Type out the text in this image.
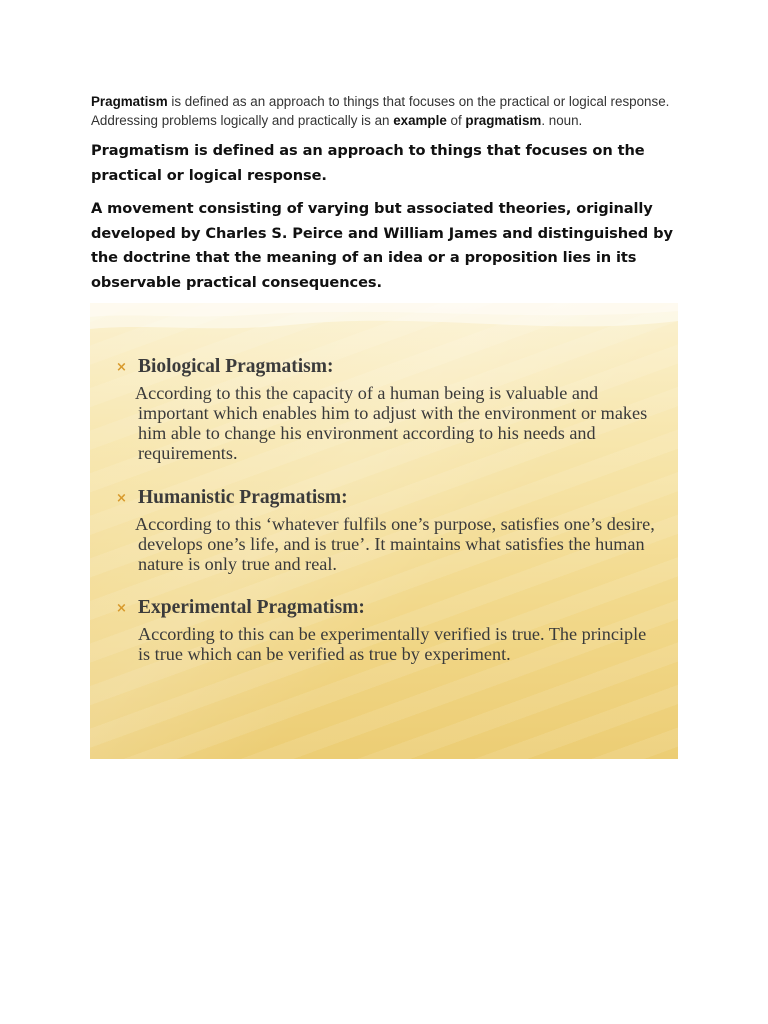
Pragmatism is defined as an approach to things that focuses on the practical or logical response. Addressing problems logically and practically is an example of pragmatism. noun.

Pragmatism is defined as an approach to things that focuses on the practical or logical response.

A movement consisting of varying but associated theories, originally developed by Charles S. Peirce and William James and distinguished by the doctrine that the meaning of an idea or a proposition lies in its observable practical consequences.

× Biological Pragmatism:
According to this the capacity of a human being is valuable and important which enables him to adjust with the environment or makes him able to change his environment according to his needs and requirements.
× Humanistic Pragmatism:
According to this ‘whatever fulfils one’s purpose, satisfies one’s desire, develops one’s life, and is true’. It maintains what satisfies the human nature is only true and real.
× Experimental Pragmatism:
According to this can be experimentally verified is true. The principle is true which can be verified as true by experiment.
